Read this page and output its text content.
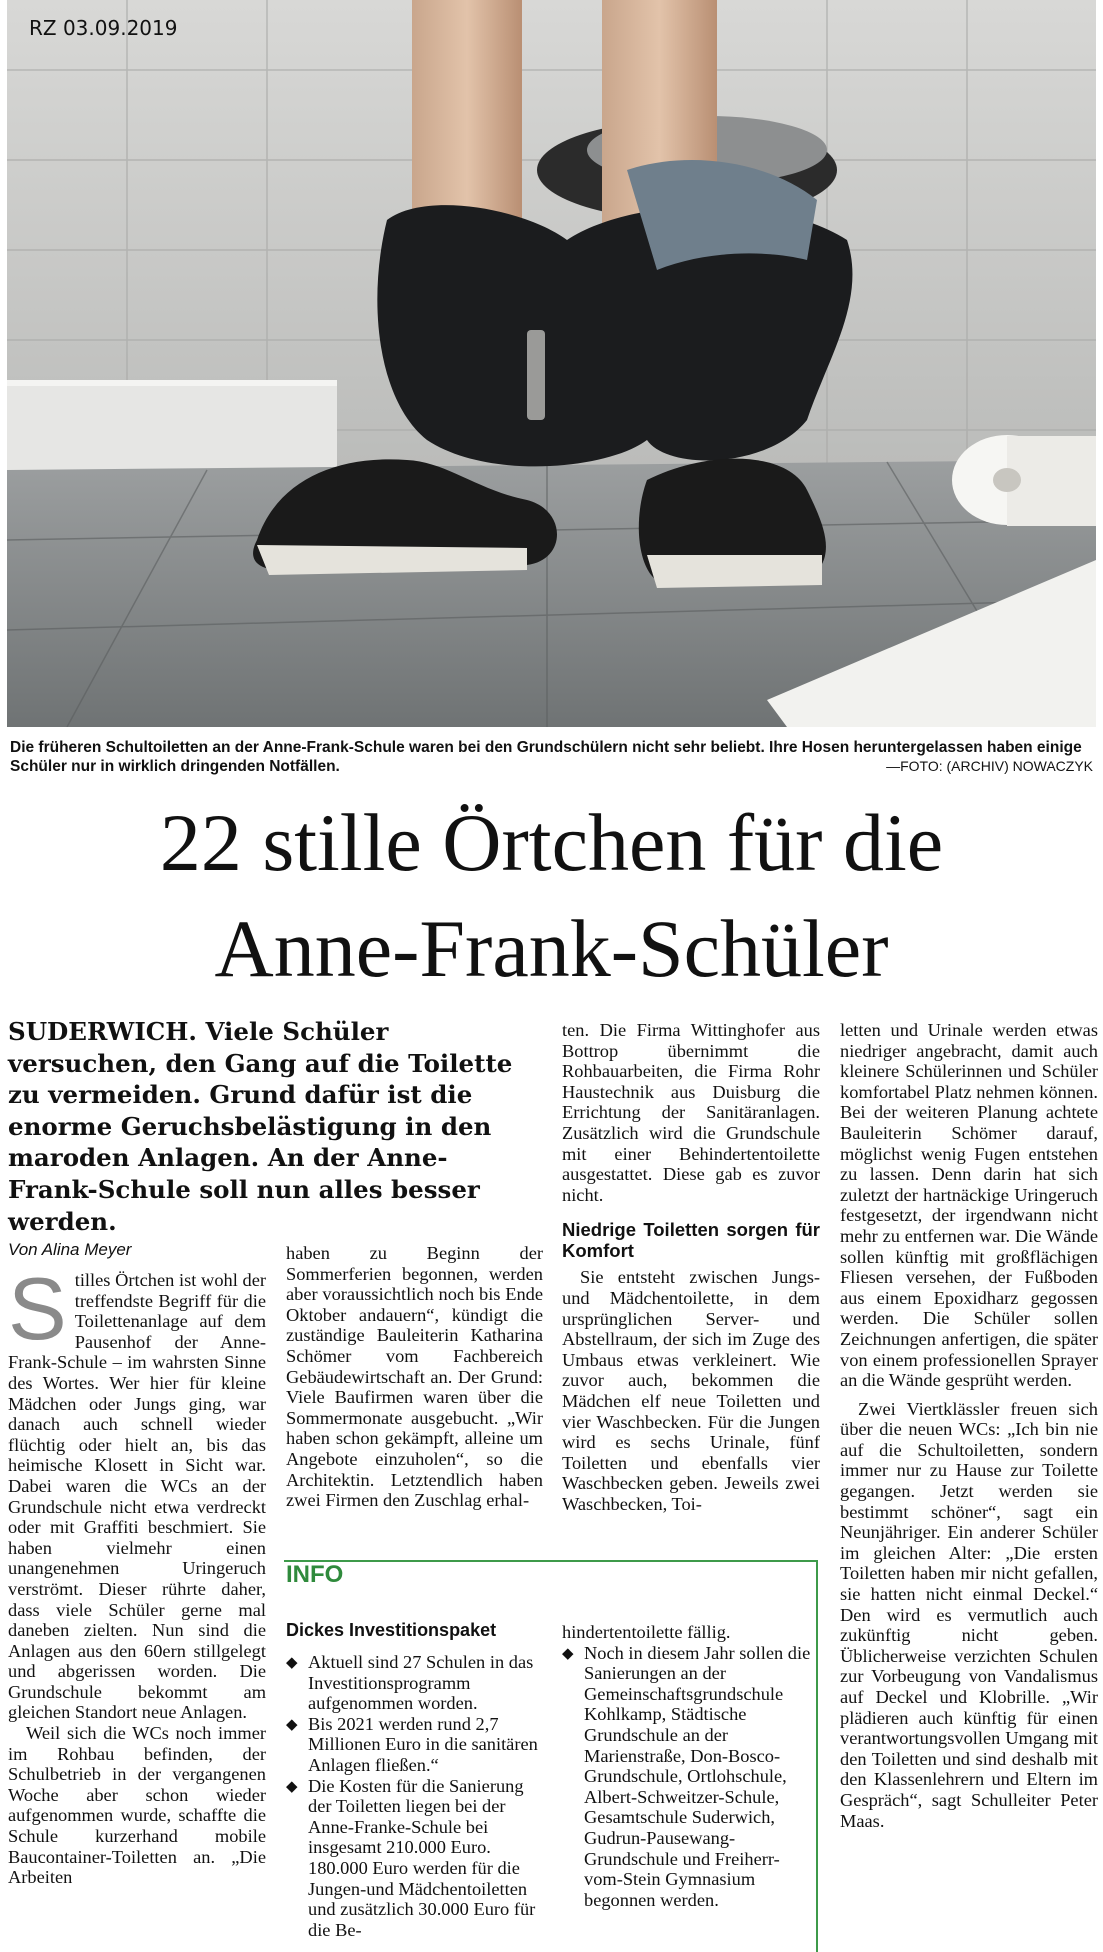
RZ 03.09.2019
Die früheren Schultoiletten an der Anne-Frank-Schule waren bei den Grundschülern nicht sehr beliebt. Ihre Hosen heruntergelassen haben einige Schüler nur in wirklich dringenden Notfällen.	—FOTO: (ARCHIV) NOWACZYK
22 stille Örtchen für die
Anne-Frank-Schüler
SUDERWICH. Viele Schüler versuchen, den Gang auf die Toilette zu vermeiden. Grund dafür ist die enorme Geruchsbelästigung in den maroden Anlagen. An der Anne-Frank-Schule soll nun alles besser werden.
Von Alina Meyer

S tilles Örtchen ist wohl der treffendste Begriff für die Toilettenanlage auf dem Pausenhof der Anne-Frank-Schule – im wahrsten Sinne des Wortes. Wer hier für kleine Mädchen oder Jungs ging, war danach auch schnell wieder flüchtig oder hielt an, bis das heimische Klosett in Sicht war. Dabei waren die WCs an der Grundschule nicht etwa verdreckt oder mit Graffiti beschmiert. Sie haben vielmehr einen unangenehmen Uringeruch verströmt. Dieser rührte daher, dass viele Schüler gerne mal daneben zielten. Nun sind die Anlagen aus den 60ern stillgelegt und abgerissen worden. Die Grundschule bekommt am gleichen Standort neue Anlagen.

Weil sich die WCs noch immer im Rohbau befinden, der Schulbetrieb in der vergangenen Woche aber schon wieder aufgenommen wurde, schaffte die Schule kurzerhand mobile Baucontainer-Toiletten an. „Die Arbeiten

haben zu Beginn der Sommerferien begonnen, werden aber voraussichtlich noch bis Ende Oktober andauern“, kündigt die zuständige Bauleiterin Katharina Schömer vom Fachbereich Gebäudewirtschaft an. Der Grund: Viele Baufirmen waren über die Sommermonate ausgebucht. „Wir haben schon gekämpft, alleine um Angebote einzuholen“, so die Architektin. Letztendlich haben zwei Firmen den Zuschlag erhal-

ten. Die Firma Wittinghofer aus Bottrop übernimmt die Rohbauarbeiten, die Firma Rohr Haustechnik aus Duisburg die Errichtung der Sanitäranlagen. Zusätzlich wird die Grundschule mit einer Behindertentoilette ausgestattet. Diese gab es zuvor nicht.

Niedrige Toiletten sorgen für Komfort

Sie entsteht zwischen Jungs- und Mädchentoilette, in dem ursprünglichen Server- und Abstellraum, der sich im Zuge des Umbaus etwas verkleinert. Wie zuvor auch, bekommen die Mädchen elf neue Toiletten und vier Waschbecken. Für die Jungen wird es sechs Urinale, fünf Toiletten und ebenfalls vier Waschbecken geben. Jeweils zwei Waschbecken, Toi-

letten und Urinale werden etwas niedriger angebracht, damit auch kleinere Schülerinnen und Schüler komfortabel Platz nehmen können. Bei der weiteren Planung achtete Bauleiterin Schömer darauf, möglichst wenig Fugen entstehen zu lassen. Denn darin hat sich zuletzt der hartnäckige Uringeruch festgesetzt, der irgendwann nicht mehr zu entfernen war. Die Wände sollen künftig mit großflächigen Fliesen versehen, der Fußboden aus einem Epoxidharz gegossen werden. Die Schüler sollen Zeichnungen anfertigen, die später von einem professionellen Sprayer an die Wände gesprüht werden.

Zwei Viertklässler freuen sich über die neuen WCs: „Ich bin nie auf die Schultoiletten, sondern immer nur zu Hause zur Toilette gegangen. Jetzt werden sie bestimmt schöner“, sagt ein Neunjähriger. Ein anderer Schüler im gleichen Alter: „Die ersten Toiletten haben mir nicht gefallen, sie hatten nicht einmal Deckel.“ Den wird es vermutlich auch zukünftig nicht geben. Üblicherweise verzichten Schulen zur Vorbeugung von Vandalismus auf Deckel und Klobrille. „Wir plädieren auch künftig für einen verantwortungsvollen Umgang mit den Toiletten und sind deshalb mit den Klassenlehrern und Eltern im Gespräch“, sagt Schulleiter Peter Maas.

INFO
Dickes Investitionspaket
◆ Aktuell sind 27 Schulen in das Investitionsprogramm aufgenommen worden.
◆ Bis 2021 werden rund 2,7 Millionen Euro in die sanitären Anlagen fließen.“
◆ Die Kosten für die Sanierung der Toiletten liegen bei der Anne-Franke-Schule bei insgesamt 210.000 Euro. 180.000 Euro werden für die Jungen-und Mädchentoiletten und zusätzlich 30.000 Euro für die Be-
hindertentoilette fällig.
◆ Noch in diesem Jahr sollen die Sanierungen an der Gemeinschaftsgrundschule Kohlkamp, Städtische Grundschule an der Marienstraße, Don-Bosco-Grundschule, Ortlohschule, Albert-Schweitzer-Schule, Gesamtschule Suderwich, Gudrun-Pausewang-Grundschule und Freiherr-vom-Stein Gymnasium begonnen werden.
